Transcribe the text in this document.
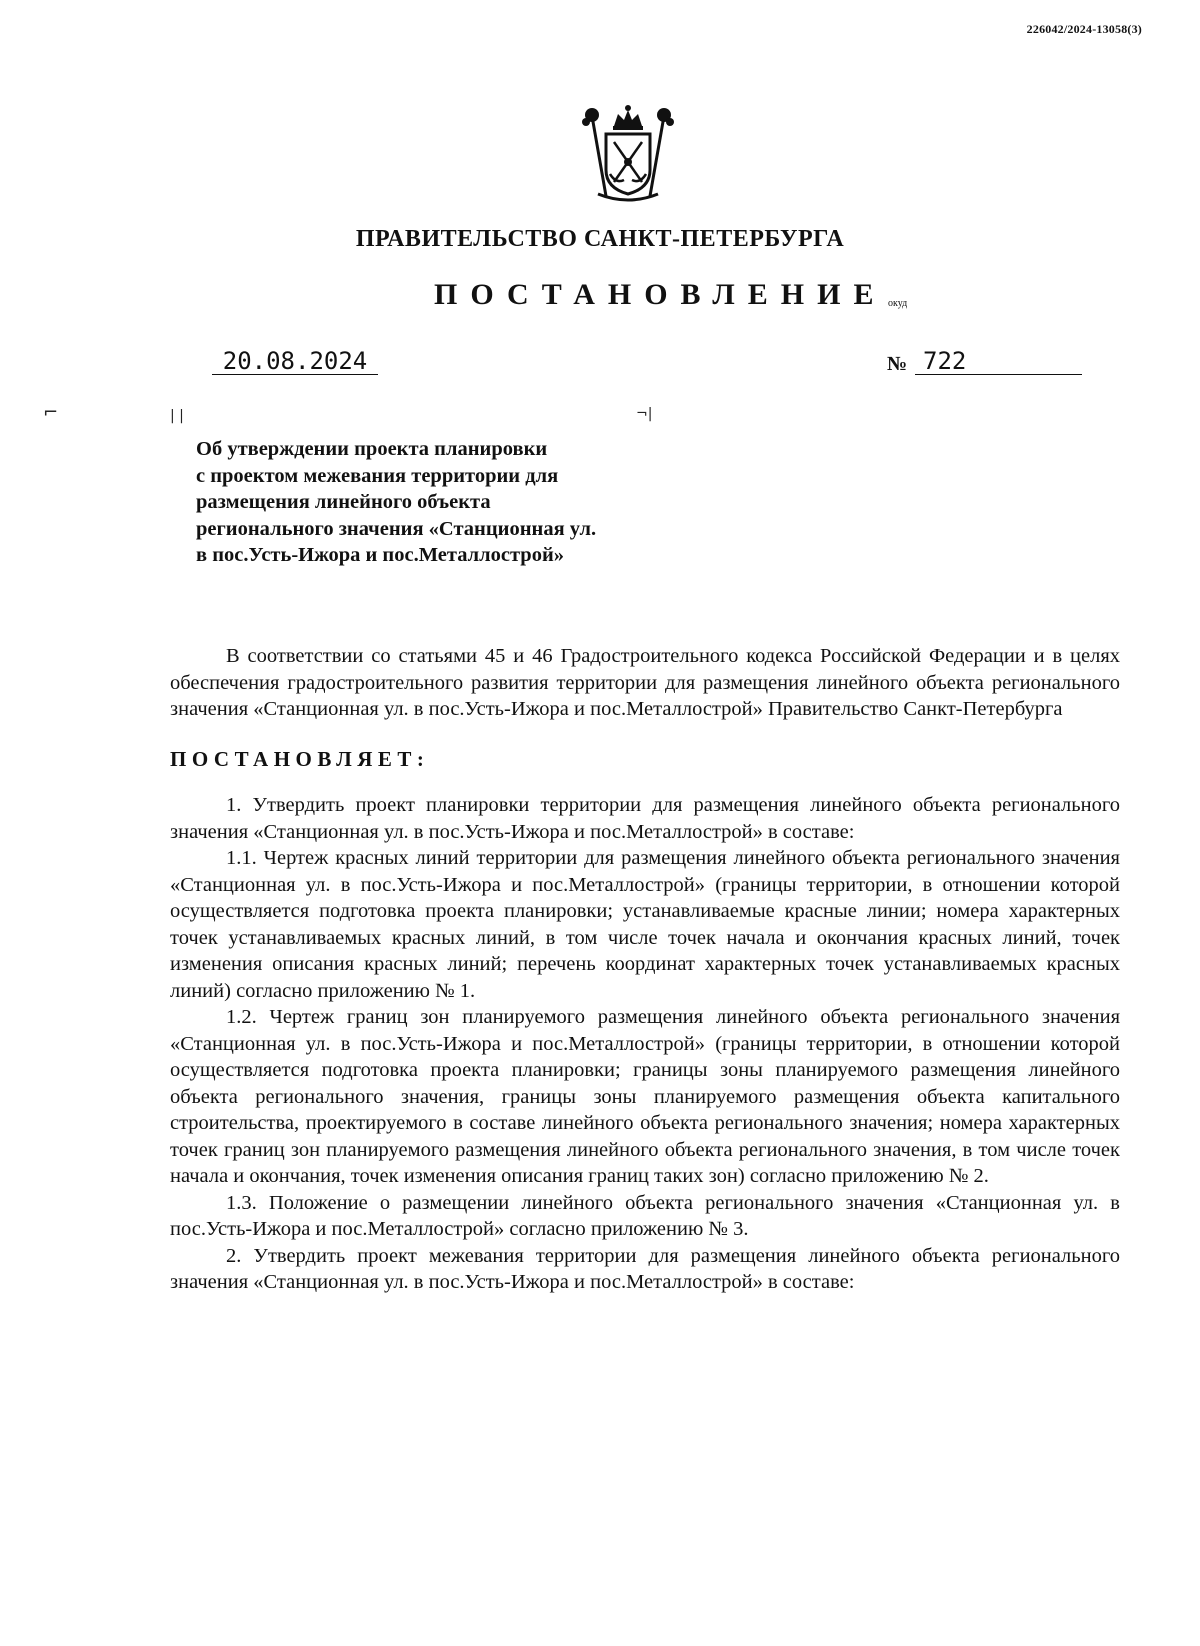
226042/2024-13058(3)
ПРАВИТЕЛЬСТВО САНКТ-ПЕТЕРБУРГА
ПОСТАНОВЛЕНИЕ окуд
20.08.2024	№ 722
⌐	| |	¬|
Об утверждении проекта планировки
с проектом межевания территории для
размещения линейного объекта
регионального значения «Станционная ул.
в пос.Усть-Ижора и пос.Металлострой»

В соответствии со статьями 45 и 46 Градостроительного кодекса Российской Федерации и в целях обеспечения градостроительного развития территории для размещения линейного объекта регионального значения «Станционная ул. в пос.Усть-Ижора и пос.Металлострой» Правительство Санкт-Петербурга

ПОСТАНОВЛЯЕТ:

1. Утвердить проект планировки территории для размещения линейного объекта регионального значения «Станционная ул. в пос.Усть-Ижора и пос.Металлострой» в составе:

1.1. Чертеж красных линий территории для размещения линейного объекта регионального значения «Станционная ул. в пос.Усть-Ижора и пос.Металлострой» (границы территории, в отношении которой осуществляется подготовка проекта планировки; устанавливаемые красные линии; номера характерных точек устанавливаемых красных линий, в том числе точек начала и окончания красных линий, точек изменения описания красных линий; перечень координат характерных точек устанавливаемых красных линий) согласно приложению № 1.

1.2. Чертеж границ зон планируемого размещения линейного объекта регионального значения «Станционная ул. в пос.Усть-Ижора и пос.Металлострой» (границы территории, в отношении которой осуществляется подготовка проекта планировки; границы зоны планируемого размещения линейного объекта регионального значения, границы зоны планируемого размещения объекта капитального строительства, проектируемого в составе линейного объекта регионального значения; номера характерных точек границ зон планируемого размещения линейного объекта регионального значения, в том числе точек начала и окончания, точек изменения описания границ таких зон) согласно приложению № 2.

1.3. Положение о размещении линейного объекта регионального значения «Станционная ул. в пос.Усть-Ижора и пос.Металлострой» согласно приложению № 3.

2. Утвердить проект межевания территории для размещения линейного объекта регионального значения «Станционная ул. в пос.Усть-Ижора и пос.Металлострой» в составе:
